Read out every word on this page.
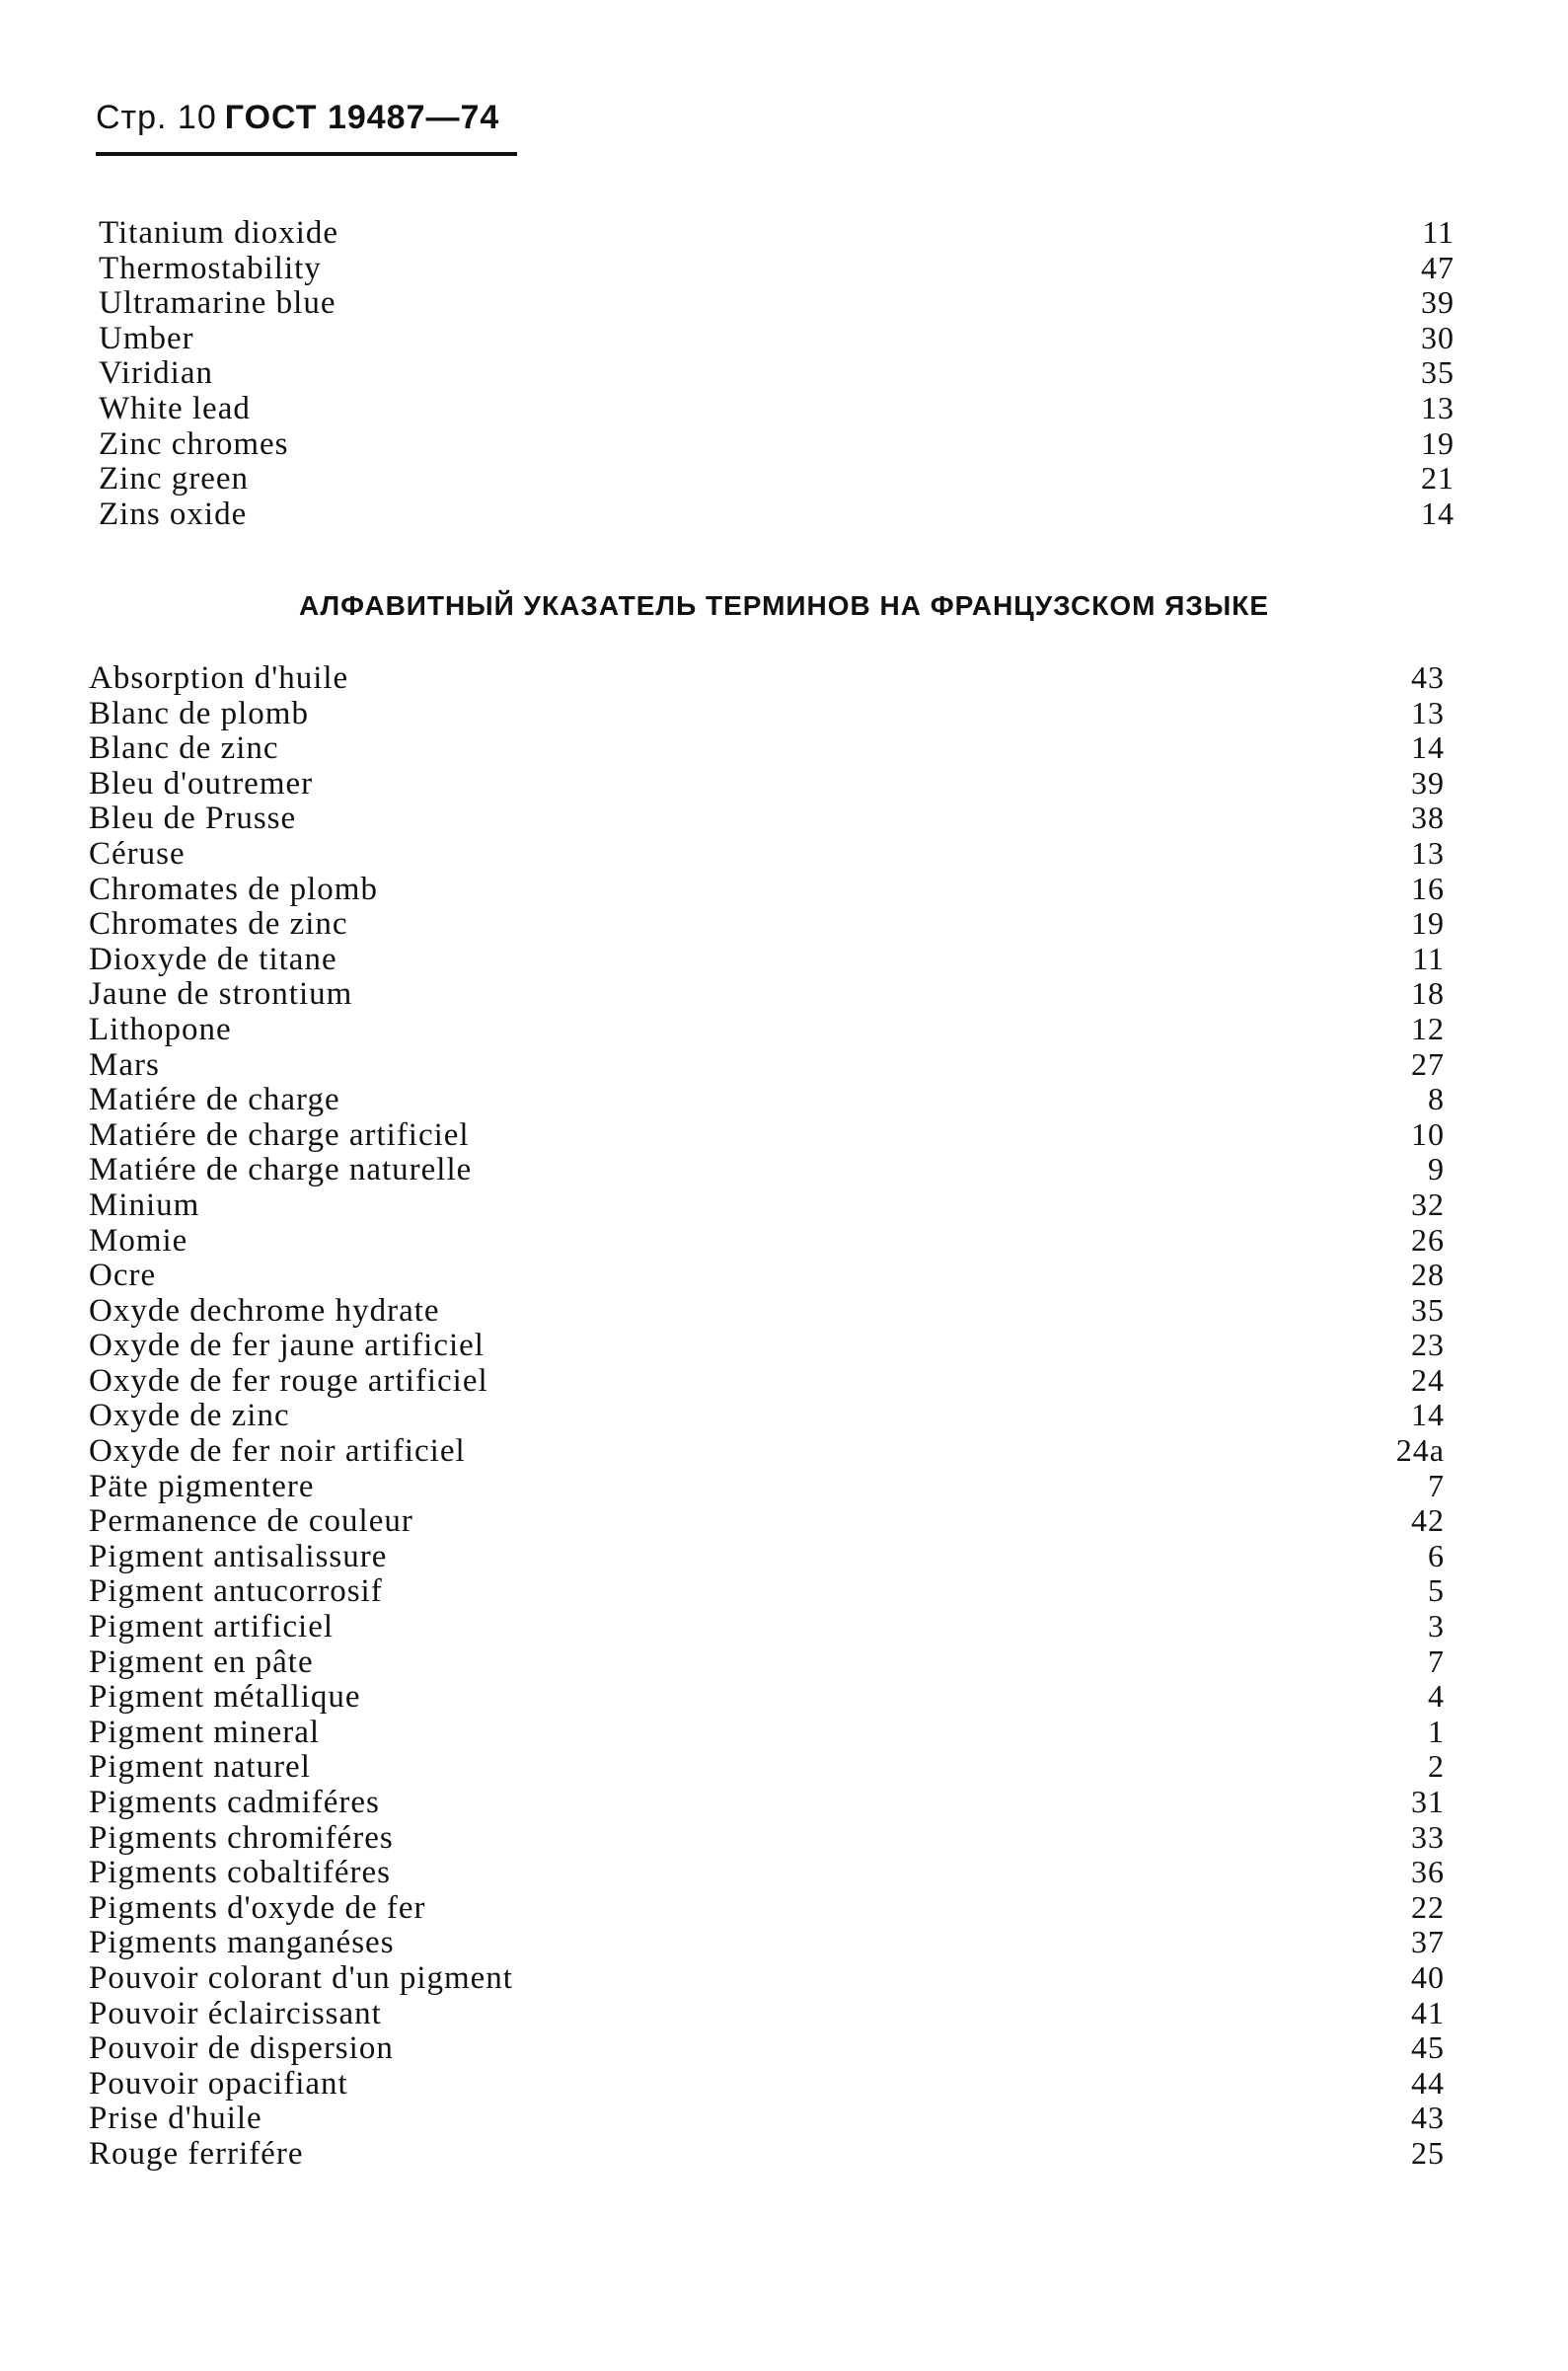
Стр. 10 ГОСТ 19487—74
Titanium dioxide	11
Thermostability	47
Ultramarine blue	39
Umber	30
Viridian	35
White lead	13
Zinc chromes	19
Zinc green	21
Zins oxide	14
АЛФАВИТНЫЙ УКАЗАТЕЛЬ ТЕРМИНОВ НА ФРАНЦУЗСКОМ ЯЗЫКЕ
Absorption d'huile	43
Blanc de plomb	13
Blanc de zinc	14
Bleu d'outremer	39
Bleu de Prusse	38
Céruse	13
Chromates de plomb	16
Chromates de zinc	19
Dioxyde de titane	11
Jaune de strontium	18
Lithopone	12
Mars	27
Matiére de charge	8
Matiére de charge artificiel	10
Matiére de charge naturelle	9
Minium	32
Momie	26
Ocre	28
Oxyde dechrome hydrate	35
Oxyde de fer jaune artificiel	23
Oxyde de fer rouge artificiel	24
Oxyde de zinc	14
Oxyde de fer noir artificiel	24a
Päte pigmentere	7
Permanence de couleur	42
Pigment antisalissure	6
Pigment antucorrosif	5
Pigment artificiel	3
Pigment en pâte	7
Pigment métallique	4
Pigment mineral	1
Pigment naturel	2
Pigments cadmiféres	31
Pigments chromiféres	33
Pigments cobaltiféres	36
Pigments d'oxyde de fer	22
Pigments manganéses	37
Pouvoir colorant d'un pigment	40
Pouvoir éclaircissant	41
Pouvoir de dispersion	45
Pouvoir opacifiant	44
Prise d'huile	43
Rouge ferrifére	25
